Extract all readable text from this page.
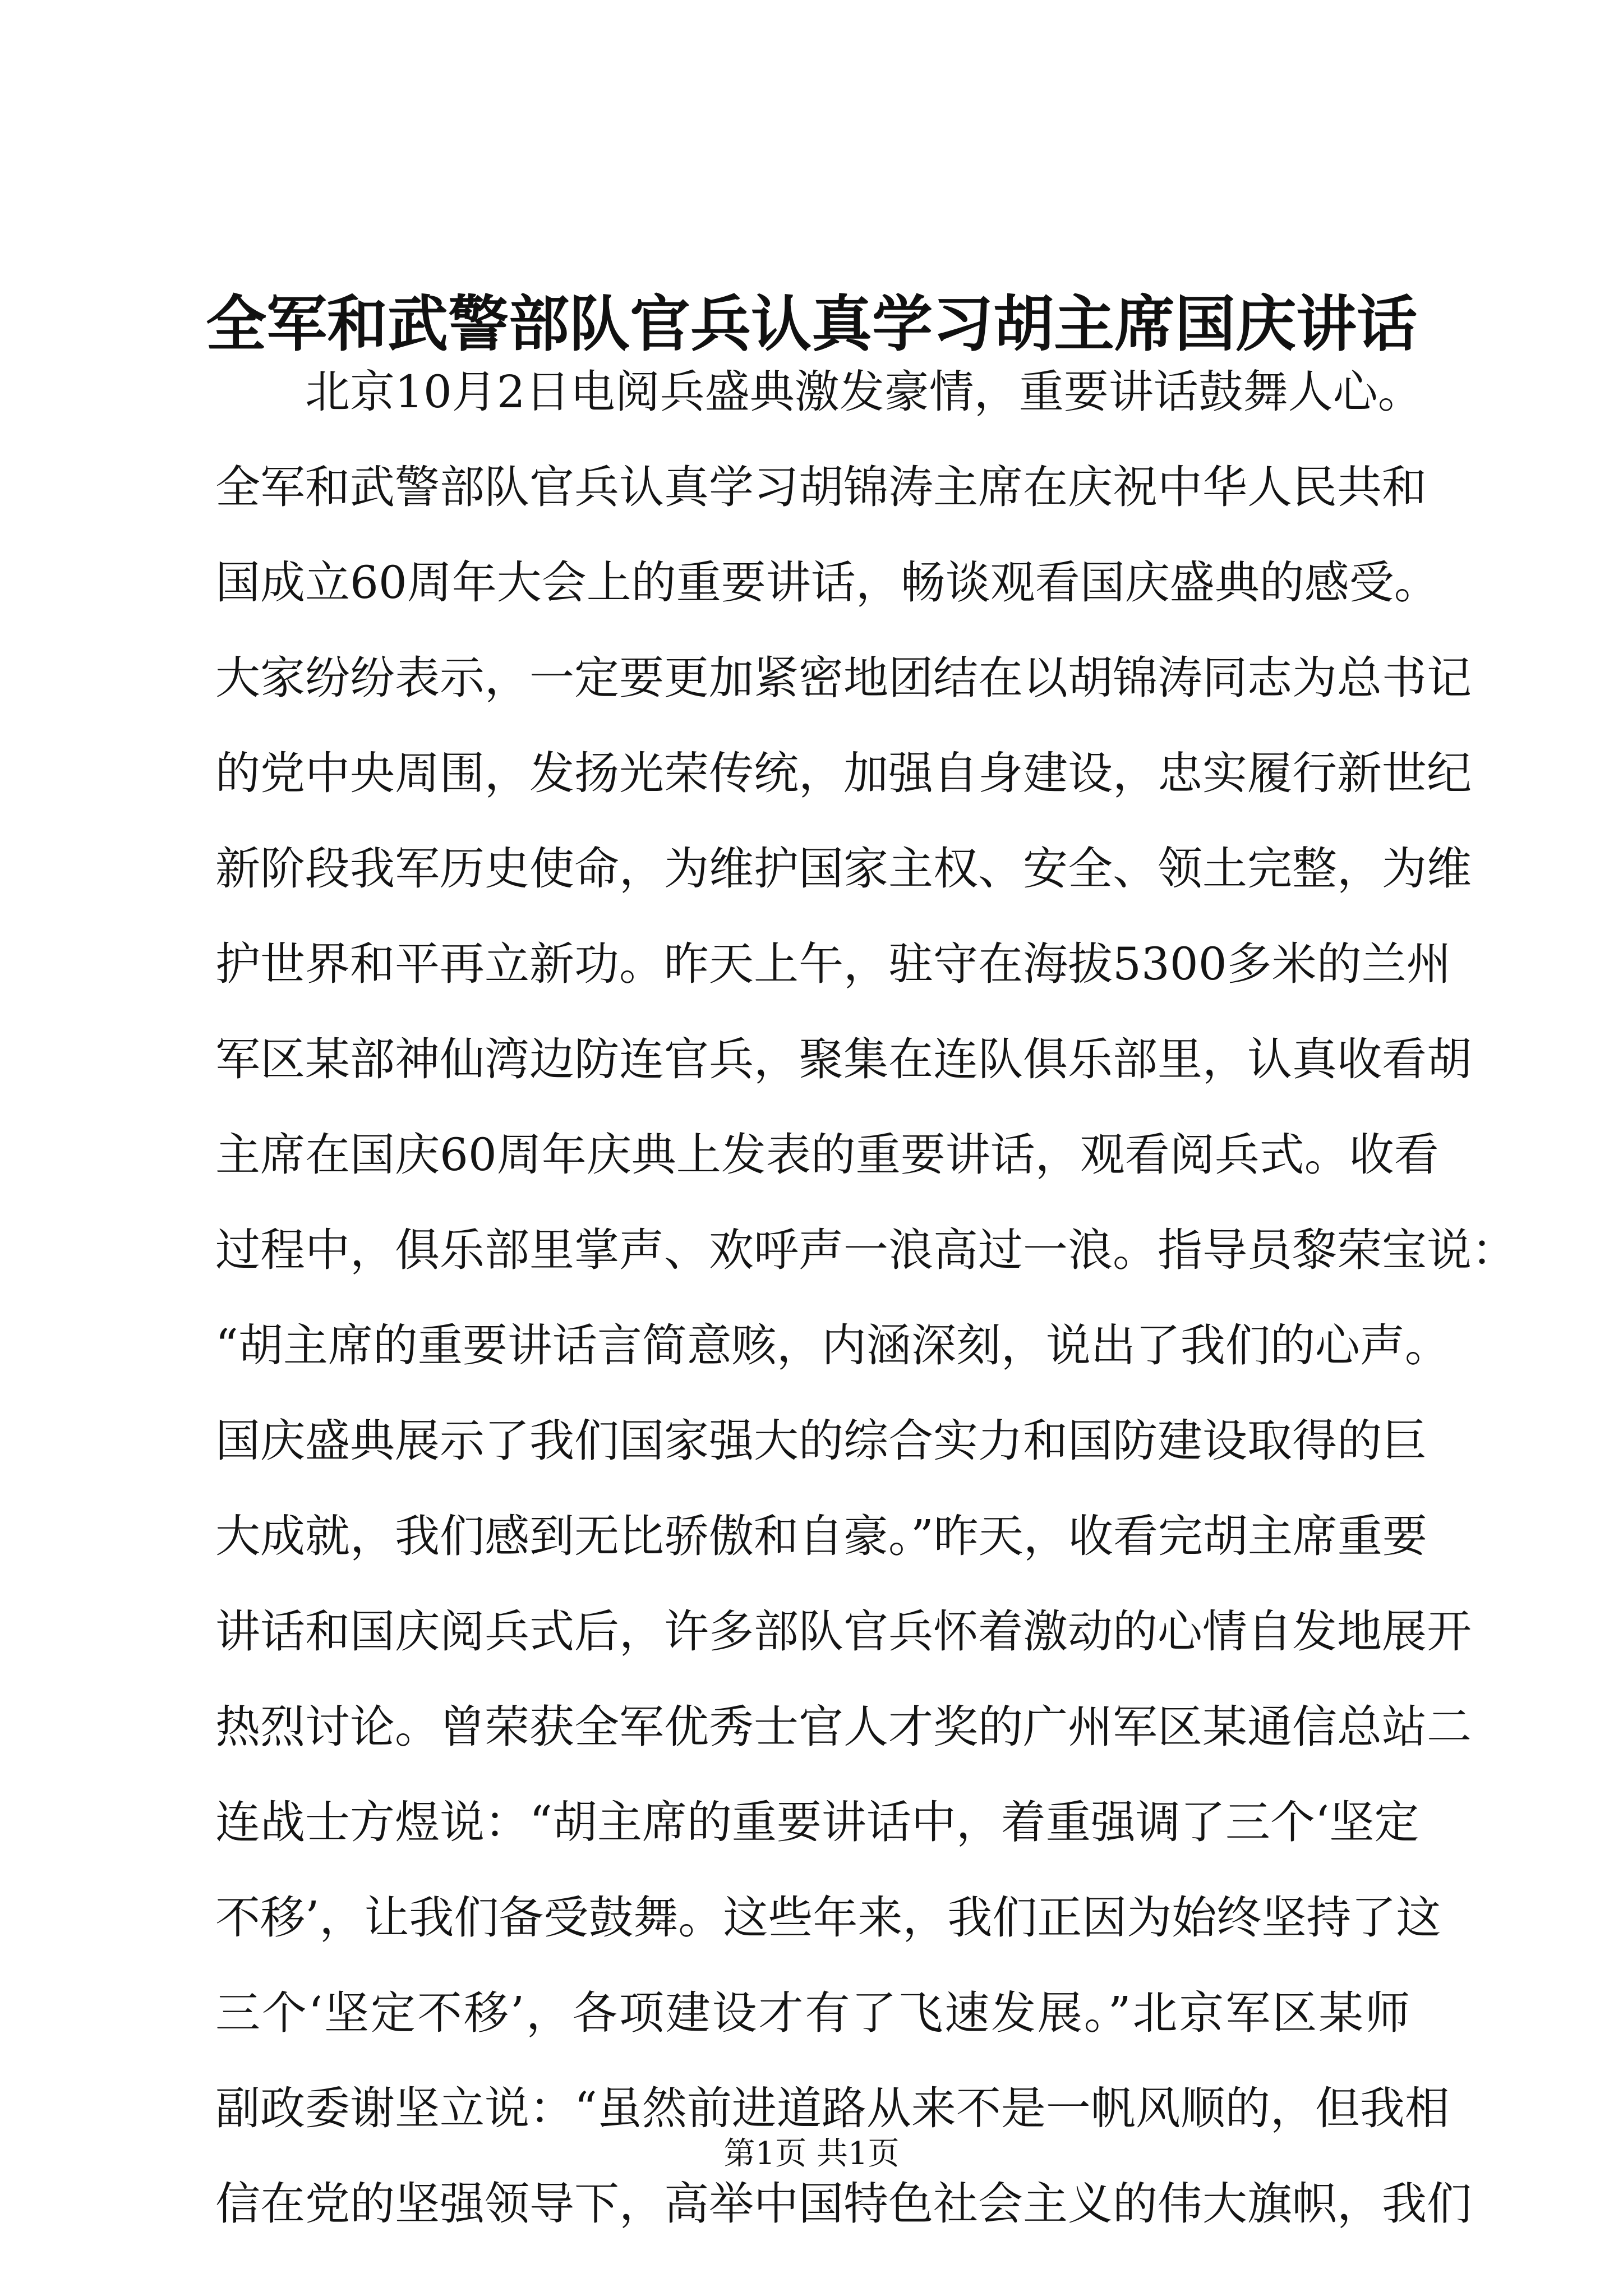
全军和武警部队官兵认真学习胡主席国庆讲话
北京10月2日电阅兵盛典激发豪情，重要讲话鼓舞人心。
全军和武警部队官兵认真学习胡锦涛主席在庆祝中华人民共和
国成立60周年大会上的重要讲话，畅谈观看国庆盛典的感受。
大家纷纷表示，一定要更加紧密地团结在以胡锦涛同志为总书记
的党中央周围，发扬光荣传统，加强自身建设，忠实履行新世纪
新阶段我军历史使命，为维护国家主权、安全、领土完整，为维
护世界和平再立新功。昨天上午，驻守在海拔5300多米的兰州
军区某部神仙湾边防连官兵，聚集在连队俱乐部里，认真收看胡
主席在国庆60周年庆典上发表的重要讲话，观看阅兵式。收看
过程中，俱乐部里掌声、欢呼声一浪高过一浪。指导员黎荣宝说：
“胡主席的重要讲话言简意赅，内涵深刻，说出了我们的心声。
国庆盛典展示了我们国家强大的综合实力和国防建设取得的巨
大成就，我们感到无比骄傲和自豪。”昨天，收看完胡主席重要
讲话和国庆阅兵式后，许多部队官兵怀着激动的心情自发地展开
热烈讨论。曾荣获全军优秀士官人才奖的广州军区某通信总站二
连战士方煜说：“胡主席的重要讲话中，着重强调了三个‘坚定
不移’，让我们备受鼓舞。这些年来，我们正因为始终坚持了这
三个‘坚定不移’，各项建设才有了飞速发展。”北京军区某师
副政委谢坚立说：“虽然前进道路从来不是一帆风顺的，但我相
信在党的坚强领导下，高举中国特色社会主义的伟大旗帜，我们
第1页 共1页
